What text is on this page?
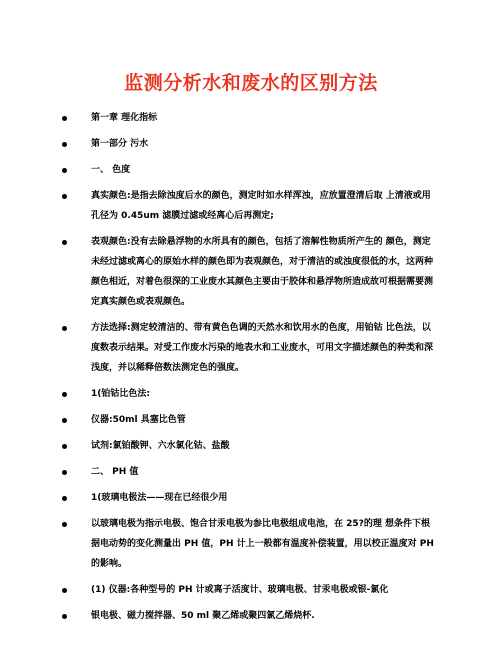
监测分析水和废水的区别方法
第一章 理化指标
第一部分 污水
一、 色度
真实颜色:是指去除浊度后水的颜色，测定时如水样浑浊，应放置澄清后取 上清液或用孔径为 0.45um 滤膜过滤或经离心后再测定;
表观颜色:没有去除悬浮物的水所具有的颜色，包括了溶解性物质所产生的 颜色，测定未经过滤或离心的原始水样的颜色即为表观颜色，对于清洁的或浊度很低的水，这两种颜色相近，对着色很深的工业废水其颜色主要由于胶体和悬浮物所造成故可根据需要测定真实颜色或表观颜色。
方法选择:测定较清洁的、带有黄色色调的天然水和饮用水的色度，用铂钴 比色法，以度数表示结果。对受工作废水污染的地表水和工业废水，可用文字描述颜色的种类和深浅度，并以稀释倍数法测定色的强度。
1(铂钴比色法:
仪器:50ml 具塞比色管
试剂:氯铂酸钾、六水氯化钴、盐酸
二、 PH 值
1(玻璃电极法——现在已经很少用
以玻璃电极为指示电极、饱合甘汞电极为参比电极组成电池，在 25?的理 想条件下根据电动势的变化测量出 PH 值，PH 计上一般都有温度补偿装置，用以校正温度对 PH 的影响。
(1) 仪器:各种型号的 PH 计或离子活度计、玻璃电极、甘汞电极或银-氯化
银电极、磁力搅拌器、50 ml 聚乙烯或聚四氯乙烯烧杯.
